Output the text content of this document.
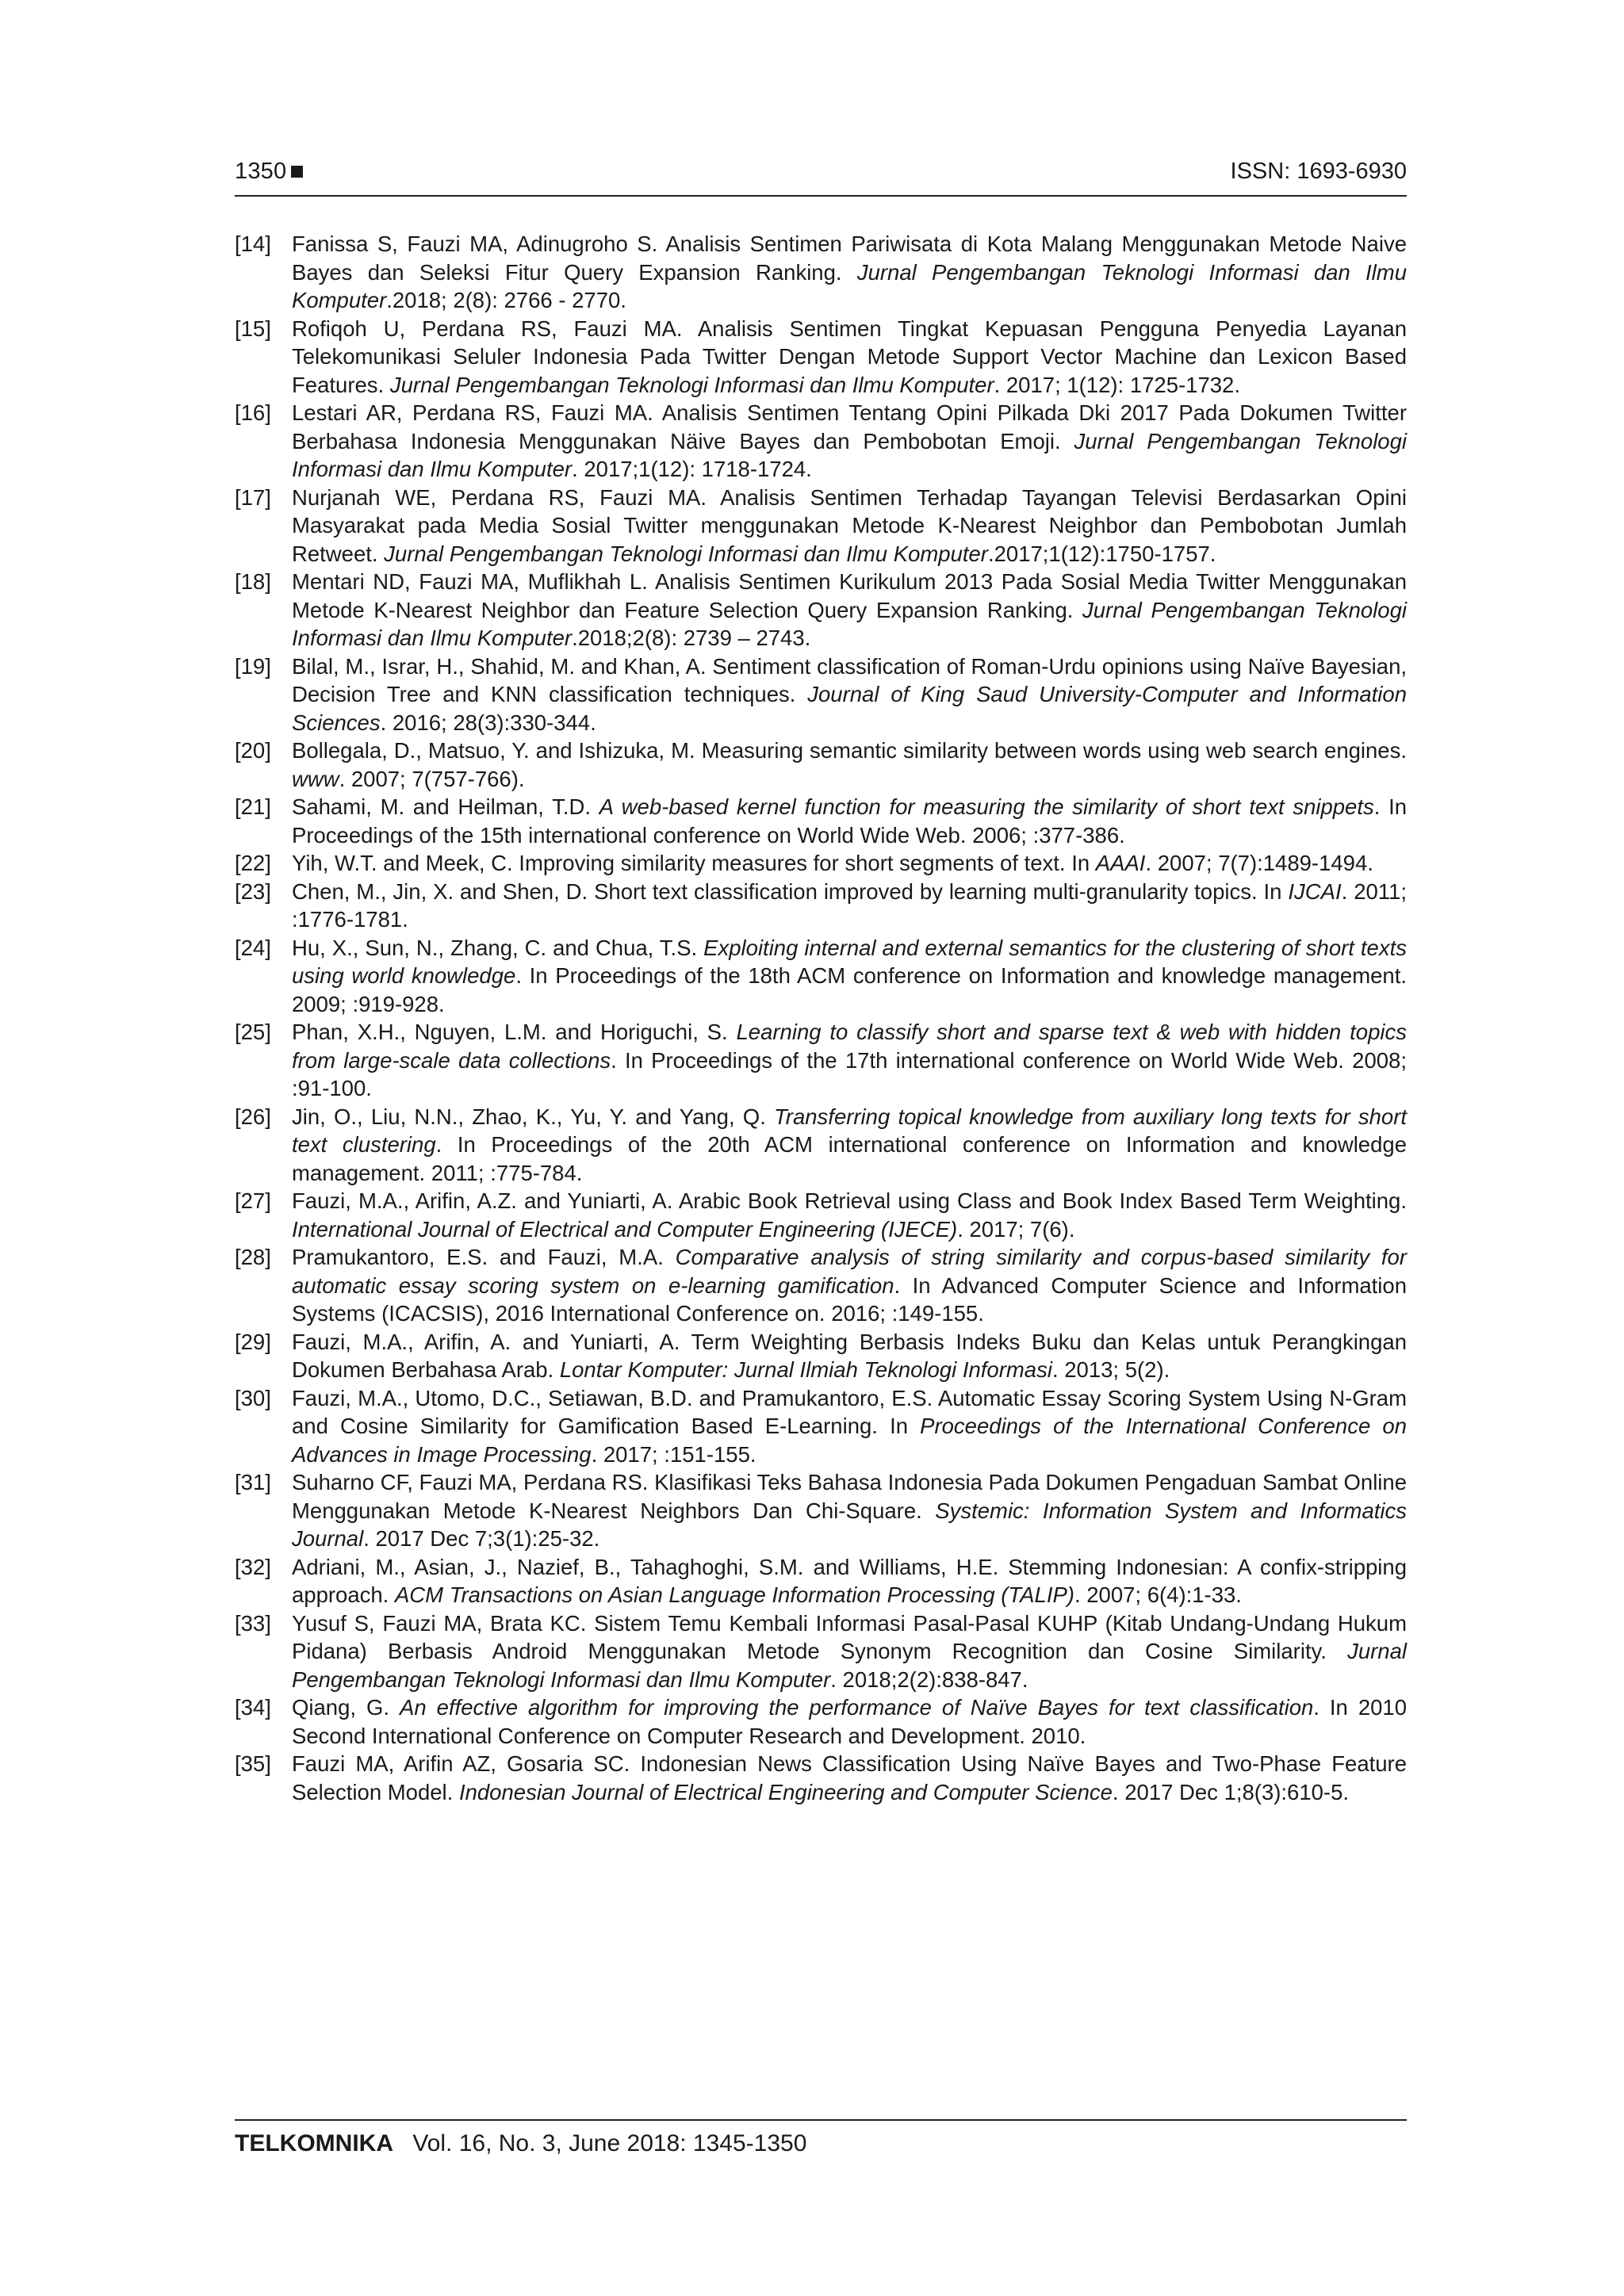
1350	ISSN: 1693-6930
[14] Fanissa S, Fauzi MA, Adinugroho S. Analisis Sentimen Pariwisata di Kota Malang Menggunakan Metode Naive Bayes dan Seleksi Fitur Query Expansion Ranking. Jurnal Pengembangan Teknologi Informasi dan Ilmu Komputer.2018; 2(8): 2766 - 2770.
[15] Rofiqoh U, Perdana RS, Fauzi MA. Analisis Sentimen Tingkat Kepuasan Pengguna Penyedia Layanan Telekomunikasi Seluler Indonesia Pada Twitter Dengan Metode Support Vector Machine dan Lexicon Based Features. Jurnal Pengembangan Teknologi Informasi dan Ilmu Komputer. 2017; 1(12): 1725-1732.
[16] Lestari AR, Perdana RS, Fauzi MA. Analisis Sentimen Tentang Opini Pilkada Dki 2017 Pada Dokumen Twitter Berbahasa Indonesia Menggunakan Näive Bayes dan Pembobotan Emoji. Jurnal Pengembangan Teknologi Informasi dan Ilmu Komputer. 2017;1(12): 1718-1724.
[17] Nurjanah WE, Perdana RS, Fauzi MA. Analisis Sentimen Terhadap Tayangan Televisi Berdasarkan Opini Masyarakat pada Media Sosial Twitter menggunakan Metode K-Nearest Neighbor dan Pembobotan Jumlah Retweet. Jurnal Pengembangan Teknologi Informasi dan Ilmu Komputer.2017;1(12):1750-1757.
[18] Mentari ND, Fauzi MA, Muflikhah L. Analisis Sentimen Kurikulum 2013 Pada Sosial Media Twitter Menggunakan Metode K-Nearest Neighbor dan Feature Selection Query Expansion Ranking. Jurnal Pengembangan Teknologi Informasi dan Ilmu Komputer.2018;2(8): 2739 – 2743.
[19] Bilal, M., Israr, H., Shahid, M. and Khan, A. Sentiment classification of Roman-Urdu opinions using Naïve Bayesian, Decision Tree and KNN classification techniques. Journal of King Saud University-Computer and Information Sciences. 2016; 28(3):330-344.
[20] Bollegala, D., Matsuo, Y. and Ishizuka, M. Measuring semantic similarity between words using web search engines. www. 2007; 7(757-766).
[21] Sahami, M. and Heilman, T.D. A web-based kernel function for measuring the similarity of short text snippets. In Proceedings of the 15th international conference on World Wide Web. 2006; :377-386.
[22] Yih, W.T. and Meek, C. Improving similarity measures for short segments of text. In AAAI. 2007; 7(7):1489-1494.
[23] Chen, M., Jin, X. and Shen, D. Short text classification improved by learning multi-granularity topics. In IJCAI. 2011; :1776-1781.
[24] Hu, X., Sun, N., Zhang, C. and Chua, T.S. Exploiting internal and external semantics for the clustering of short texts using world knowledge. In Proceedings of the 18th ACM conference on Information and knowledge management. 2009; :919-928.
[25] Phan, X.H., Nguyen, L.M. and Horiguchi, S. Learning to classify short and sparse text & web with hidden topics from large-scale data collections. In Proceedings of the 17th international conference on World Wide Web. 2008; :91-100.
[26] Jin, O., Liu, N.N., Zhao, K., Yu, Y. and Yang, Q. Transferring topical knowledge from auxiliary long texts for short text clustering. In Proceedings of the 20th ACM international conference on Information and knowledge management. 2011; :775-784.
[27] Fauzi, M.A., Arifin, A.Z. and Yuniarti, A. Arabic Book Retrieval using Class and Book Index Based Term Weighting. International Journal of Electrical and Computer Engineering (IJECE). 2017; 7(6).
[28] Pramukantoro, E.S. and Fauzi, M.A. Comparative analysis of string similarity and corpus-based similarity for automatic essay scoring system on e-learning gamification. In Advanced Computer Science and Information Systems (ICACSIS), 2016 International Conference on. 2016; :149-155.
[29] Fauzi, M.A., Arifin, A. and Yuniarti, A. Term Weighting Berbasis Indeks Buku dan Kelas untuk Perangkingan Dokumen Berbahasa Arab. Lontar Komputer: Jurnal Ilmiah Teknologi Informasi. 2013; 5(2).
[30] Fauzi, M.A., Utomo, D.C., Setiawan, B.D. and Pramukantoro, E.S. Automatic Essay Scoring System Using N-Gram and Cosine Similarity for Gamification Based E-Learning. In Proceedings of the International Conference on Advances in Image Processing. 2017; :151-155.
[31] Suharno CF, Fauzi MA, Perdana RS. Klasifikasi Teks Bahasa Indonesia Pada Dokumen Pengaduan Sambat Online Menggunakan Metode K-Nearest Neighbors Dan Chi-Square. Systemic: Information System and Informatics Journal. 2017 Dec 7;3(1):25-32.
[32] Adriani, M., Asian, J., Nazief, B., Tahaghoghi, S.M. and Williams, H.E. Stemming Indonesian: A confix-stripping approach. ACM Transactions on Asian Language Information Processing (TALIP). 2007; 6(4):1-33.
[33] Yusuf S, Fauzi MA, Brata KC. Sistem Temu Kembali Informasi Pasal-Pasal KUHP (Kitab Undang-Undang Hukum Pidana) Berbasis Android Menggunakan Metode Synonym Recognition dan Cosine Similarity. Jurnal Pengembangan Teknologi Informasi dan Ilmu Komputer. 2018;2(2):838-847.
[34] Qiang, G. An effective algorithm for improving the performance of Naïve Bayes for text classification. In 2010 Second International Conference on Computer Research and Development. 2010.
[35] Fauzi MA, Arifin AZ, Gosaria SC. Indonesian News Classification Using Naïve Bayes and Two-Phase Feature Selection Model. Indonesian Journal of Electrical Engineering and Computer Science. 2017 Dec 1;8(3):610-5.
TELKOMNIKA Vol. 16, No. 3, June 2018: 1345-1350
